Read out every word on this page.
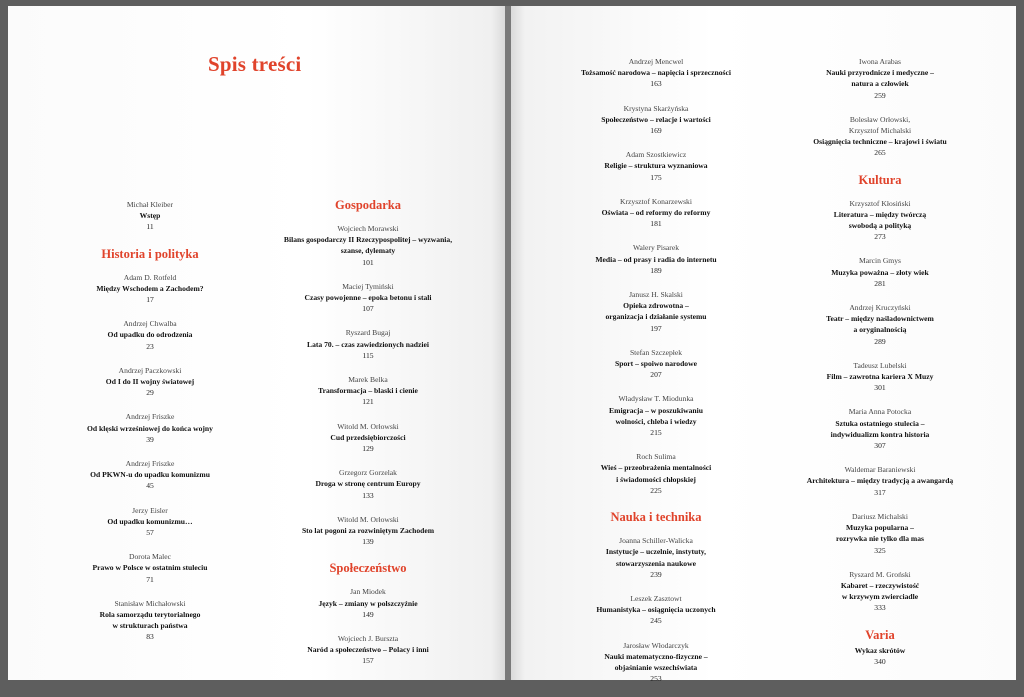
Spis treści
Michał Kleiber
Wstęp
11
Historia i polityka
Adam D. Rotfeld
Między Wschodem a Zachodem?
17
Andrzej Chwalba
Od upadku do odrodzenia
23
Andrzej Paczkowski
Od I do II wojny światowej
29
Andrzej Friszke
Od klęski wrześniowej do końca wojny
39
Andrzej Friszke
Od PKWN-u do upadku komunizmu
45
Jerzy Eisler
Od upadku komunizmu…
57
Dorota Malec
Prawo w Polsce w ostatnim stuleciu
71
Stanisław Michałowski
Rola samorządu terytorialnego
w strukturach państwa
83
Gospodarka
Wojciech Morawski
Bilans gospodarczy II Rzeczypospolitej – wyzwania,
szanse, dylematy
101
Maciej Tymiński
Czasy powojenne – epoka betonu i stali
107
Ryszard Bugaj
Lata 70. – czas zawiedzionych nadziei
115
Marek Belka
Transformacja – blaski i cienie
121
Witold M. Orłowski
Cud przedsiębiorczości
129
Grzegorz Gorzelak
Droga w stronę centrum Europy
133
Witold M. Orłowski
Sto lat pogoni za rozwiniętym Zachodem
139
Społeczeństwo
Jan Miodek
Język – zmiany w polszczyźnie
149
Wojciech J. Burszta
Naród a społeczeństwo – Polacy i inni
157
Andrzej Mencwel
Tożsamość narodowa – napięcia i sprzeczności
163
Krystyna Skarżyńska
Społeczeństwo – relacje i wartości
169
Adam Szostkiewicz
Religie – struktura wyznaniowa
175
Krzysztof Konarzewski
Oświata – od reformy do reformy
181
Walery Pisarek
Media – od prasy i radia do internetu
189
Janusz H. Skalski
Opieka zdrowotna –
organizacja i działanie systemu
197
Stefan Szczepłek
Sport – spoiwo narodowe
207
Władysław T. Miodunka
Emigracja – w poszukiwaniu
wolności, chleba i wiedzy
215
Roch Sulima
Wieś – przeobrażenia mentalności
i świadomości chłopskiej
225
Nauka i technika
Joanna Schiller-Walicka
Instytucje – uczelnie, instytuty,
stowarzyszenia naukowe
239
Leszek Zasztowt
Humanistyka – osiągnięcia uczonych
245
Jarosław Włodarczyk
Nauki matematyczno-fizyczne –
objaśnianie wszechświata
253
Iwona Arabas
Nauki przyrodnicze i medyczne –
natura a człowiek
259
Bolesław Orłowski,
Krzysztof Michalski
Osiągnięcia techniczne – krajowi i światu
265
Kultura
Krzysztof Kłosiński
Literatura – między twórczą
swobodą a polityką
273
Marcin Gmys
Muzyka poważna – złoty wiek
281
Andrzej Kruczyński
Teatr – między naśladownictwem
a oryginalnością
289
Tadeusz Lubelski
Film – zawrotna kariera X Muzy
301
Maria Anna Potocka
Sztuka ostatniego stulecia –
indywidualizm kontra historia
307
Waldemar Baraniewski
Architektura – między tradycją a awangardą
317
Dariusz Michalski
Muzyka popularna –
rozrywka nie tylko dla mas
325
Ryszard M. Groński
Kabaret – rzeczywistość
w krzywym zwierciadle
333
Varia
Wykaz skrótów
340
